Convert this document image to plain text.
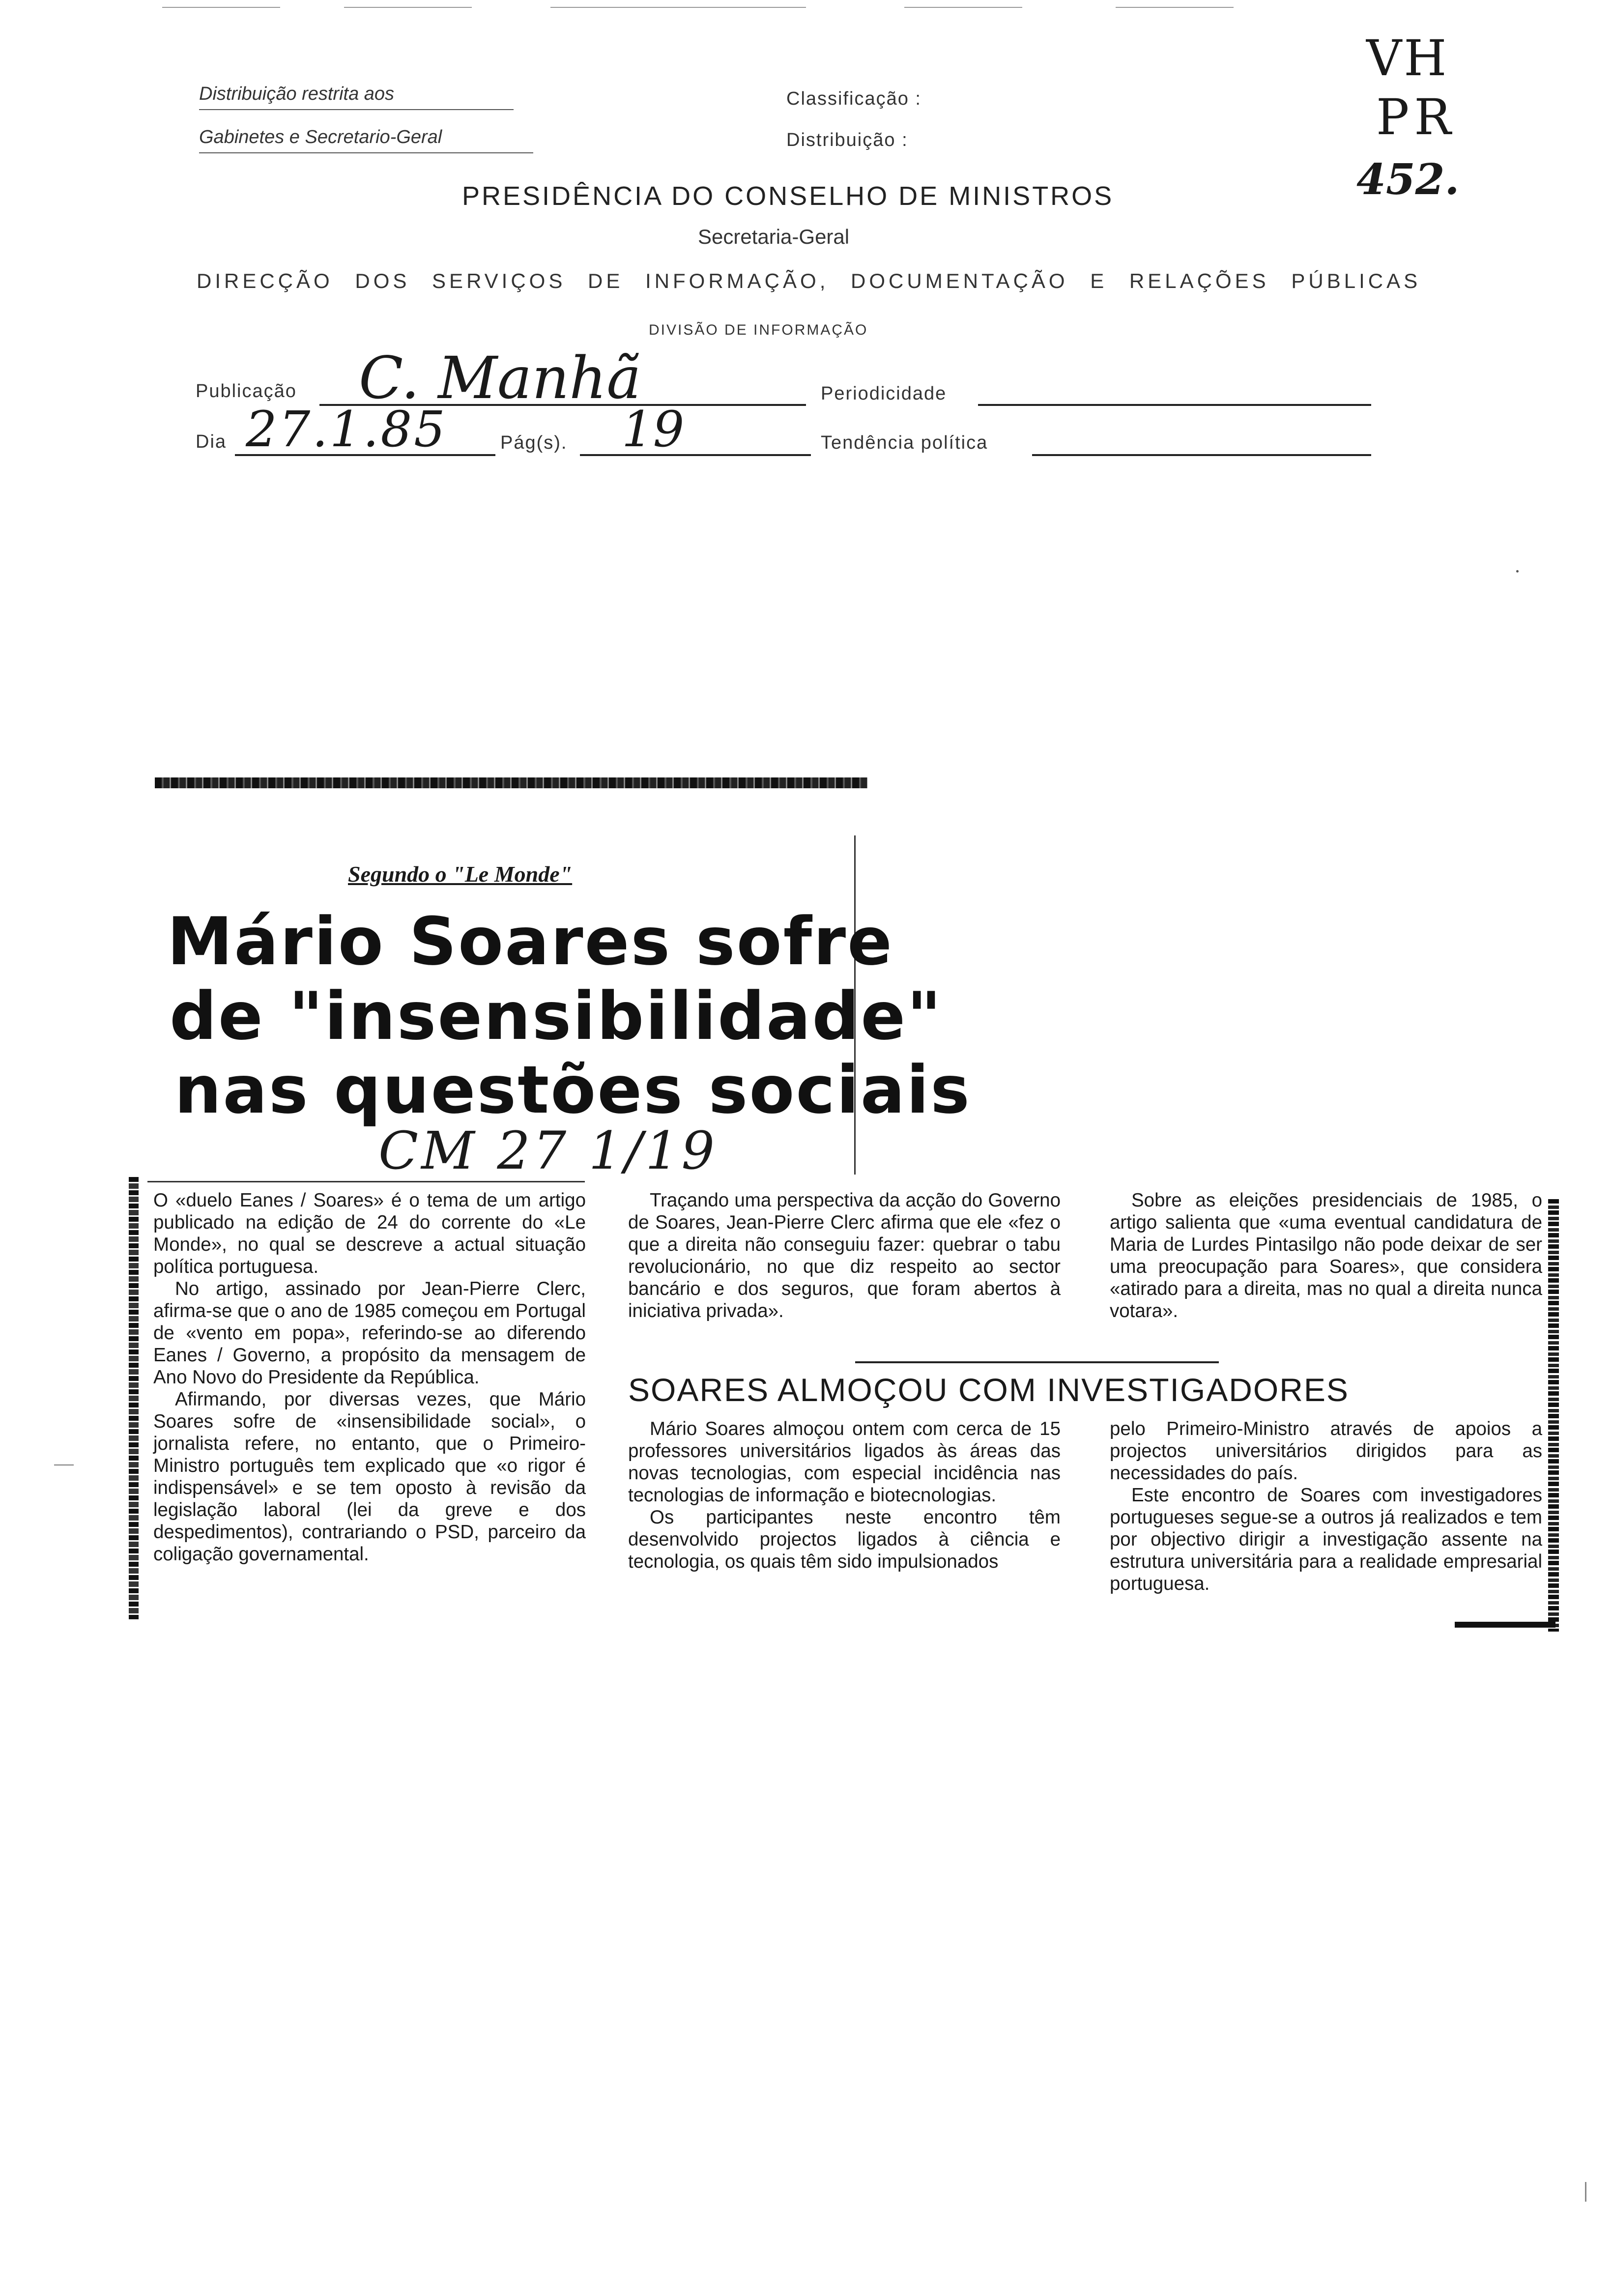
Distribuição restrita aos
Gabinetes e Secretario-Geral
Classificação :
Distribuição :
VH
PR
452.
PRESIDÊNCIA DO CONSELHO DE MINISTROS
Secretaria-Geral
DIRECÇÃO DOS SERVIÇOS DE INFORMAÇÃO, DOCUMENTAÇÃO E RELAÇÕES PÚBLICAS
DIVISÃO DE INFORMAÇÃO
Publicação C. Manhã	Periodicidade
Dia 27.1.85	Pág(s). 19	Tendência política
Segundo o "Le Monde"
Mário Soares sofre
de "insensibilidade"
nas questões sociais
CM 27 1/19

O «duelo Eanes / Soares» é o tema de um artigo publicado na edição de 24 do corrente do «Le Monde», no qual se descreve a actual situação política portuguesa.

No artigo, assinado por Jean-Pierre Clerc, afirma-se que o ano de 1985 começou em Portugal de «vento em popa», referindo-se ao diferendo Eanes / Governo, a propósito da mensagem de Ano Novo do Presidente da República.

Afirmando, por diversas vezes, que Mário Soares sofre de «insensibilidade social», o jornalista refere, no entanto, que o Primeiro-Ministro português tem explicado que «o rigor é indispensável» e se tem oposto à revisão da legislação laboral (lei da greve e dos despedimentos), contrariando o PSD, parceiro da coligação governamental.

Traçando uma perspectiva da acção do Governo de Soares, Jean-Pierre Clerc afirma que ele «fez o que a direita não conseguiu fazer: quebrar o tabu revolucionário, no que diz respeito ao sector bancário e dos seguros, que foram abertos à iniciativa privada».

Sobre as eleições presidenciais de 1985, o artigo salienta que «uma eventual candidatura de Maria de Lurdes Pintasilgo não pode deixar de ser uma preocupação para Soares», que considera «atirado para a direita, mas no qual a direita nunca votara».

SOARES ALMOÇOU COM INVESTIGADORES

Mário Soares almoçou ontem com cerca de 15 professores universitários ligados às áreas das novas tecnologias, com especial incidência nas tecnologias de informação e biotecnologias.

Os participantes neste encontro têm desenvolvido projectos ligados à ciência e tecnologia, os quais têm sido impulsionados

pelo Primeiro-Ministro através de apoios a projectos universitários dirigidos para as necessidades do país.

Este encontro de Soares com investigadores portugueses segue-se a outros já realizados e tem por objectivo dirigir a investigação assente na estrutura universitária para a realidade empresarial portuguesa.
